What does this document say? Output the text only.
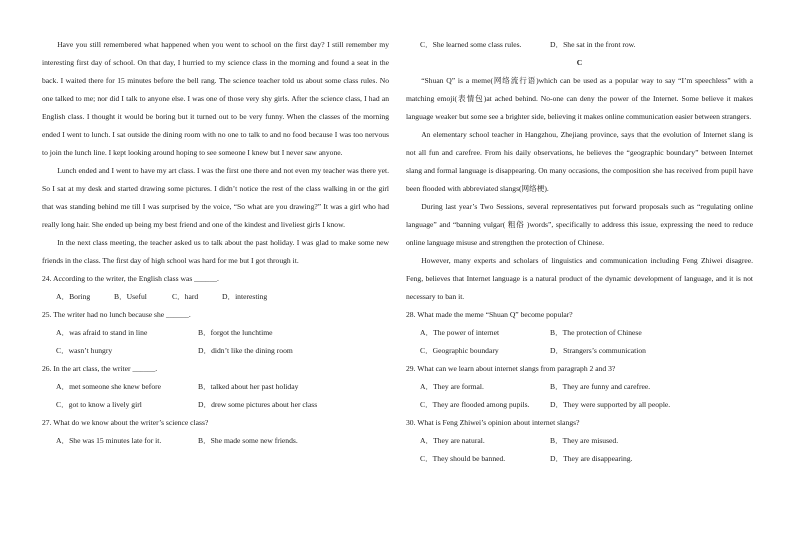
Have you still remembered what happened when you went to school on the first day? I still remember my interesting first day of school. On that day, I hurried to my science class in the morning and found a seat in the back. I waited there for 15 minutes before the bell rang. The science teacher told us about some class rules. No one talked to me; nor did I talk to anyone else. I was one of those very shy girls. After the science class, I had an English class. I thought it would be boring but it turned out to be very funny. When the classes of the morning ended I went to lunch. I sat outside the dining room with no one to talk to and no food because I was too nervous to join the lunch line. I kept looking around hoping to see someone I knew but I never saw anyone.

Lunch ended and I went to have my art class. I was the first one there and not even my teacher was there yet. So I sat at my desk and started drawing some pictures. I didn’t notice the rest of the class walking in or the girl that was standing behind me till I was surprised by the voice, “So what are you drawing?” It was a girl who had really long hair. She ended up being my best friend and one of the kindest and liveliest girls I know.

In the next class meeting, the teacher asked us to talk about the past holiday. I was glad to make some new friends in the class. The first day of high school was hard for me but I got through it.

24. According to the writer, the English class was ______.

A．Boring	B．Useful	C．hard	D．interesting

25. The writer had no lunch because she ______.

A．was afraid to stand in line	B．forgot the lunchtime
C．wasn’t hungry	D．didn’t like the dining room

26. In the art class, the writer ______.

A．met someone she knew before	B．talked about her past holiday
C．got to know a lively girl	D．drew some pictures about her class

27. What do we know about the writer’s science class?

A．She was 15 minutes late for it.	B．She made some new friends.
C．She learned some class rules.	D．She sat in the front row.

C

“Shuan Q” is a meme(网络流行语)which can be used as a popular way to say “I’m speechless” with a matching emoji(表情包)at ached behind. No-one can deny the power of the Internet. Some believe it makes language weaker but some see a brighter side, believing it makes online communication easier between strangers.

An elementary school teacher in Hangzhou, Zhejiang province, says that the evolution of Internet slang is not all fun and carefree. From his daily observations, he believes the “geographic boundary” between Internet slang and formal language is disappearing. On many occasions, the composition she has received from pupil have been flooded with abbreviated slangs(网络梗).

During last year’s Two Sessions, several representatives put forward proposals such as “regulating online language” and “banning vulgar( 粗俗 )words”, specifically to address this issue, expressing the need to reduce online language misuse and strengthen the protection of Chinese.

However, many experts and scholars of linguistics and communication including Feng Zhiwei disagree. Feng, believes that Internet language is a natural product of the dynamic development of language, and it is not necessary to ban it.

28. What made the meme “Shuan Q” become popular?

A．The power of internet	B．The protection of Chinese
C．Geographic boundary	D．Strangers’s communication

29. What can we learn about internet slangs from paragraph 2 and 3?

A．They are formal.	B．They are funny and carefree.
C．They are flooded among pupils.	D．They were supported by all people.

30. What is Feng Zhiwei’s opinion about internet slangs?

A．They are natural.	B．They are misused.
C．They should be banned.	D．They are disappearing.
